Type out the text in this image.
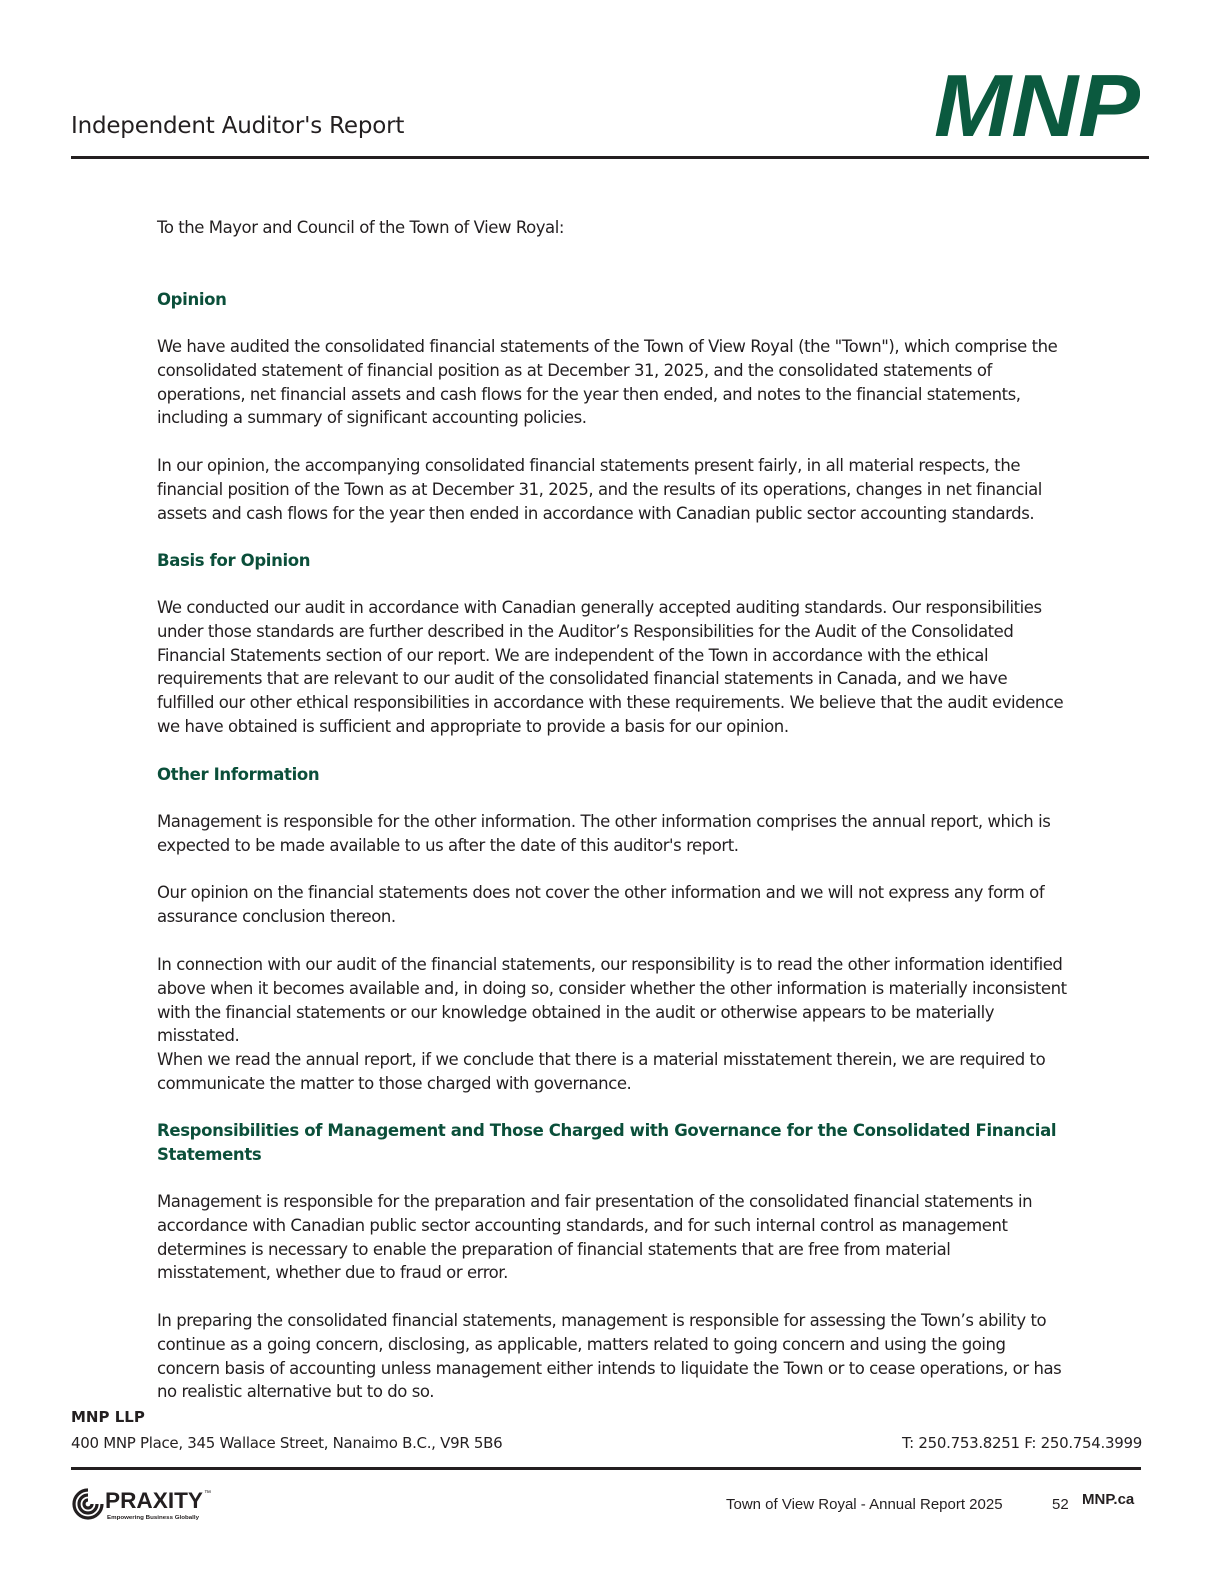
Independent Auditor's Report	MNP

To the Mayor and Council of the Town of View Royal:

Opinion

We have audited the consolidated financial statements of the Town of View Royal (the "Town"), which comprise the consolidated statement of financial position as at December 31, 2025, and the consolidated statements of operations, net financial assets and cash flows for the year then ended, and notes to the financial statements, including a summary of significant accounting policies.

In our opinion, the accompanying consolidated financial statements present fairly, in all material respects, the financial position of the Town as at December 31, 2025, and the results of its operations, changes in net financial assets and cash flows for the year then ended in accordance with Canadian public sector accounting standards.

Basis for Opinion

We conducted our audit in accordance with Canadian generally accepted auditing standards. Our responsibilities under those standards are further described in the Auditor’s Responsibilities for the Audit of the Consolidated Financial Statements section of our report. We are independent of the Town in accordance with the ethical requirements that are relevant to our audit of the consolidated financial statements in Canada, and we have fulfilled our other ethical responsibilities in accordance with these requirements. We believe that the audit evidence we have obtained is sufficient and appropriate to provide a basis for our opinion.

Other Information

Management is responsible for the other information. The other information comprises the annual report, which is expected to be made available to us after the date of this auditor's report.

Our opinion on the financial statements does not cover the other information and we will not express any form of assurance conclusion thereon.

In connection with our audit of the financial statements, our responsibility is to read the other information identified above when it becomes available and, in doing so, consider whether the other information is materially inconsistent with the financial statements or our knowledge obtained in the audit or otherwise appears to be materially misstated.

When we read the annual report, if we conclude that there is a material misstatement therein, we are required to communicate the matter to those charged with governance.

Responsibilities of Management and Those Charged with Governance for the Consolidated Financial Statements

Management is responsible for the preparation and fair presentation of the consolidated financial statements in accordance with Canadian public sector accounting standards, and for such internal control as management determines is necessary to enable the preparation of financial statements that are free from material misstatement, whether due to fraud or error.

In preparing the consolidated financial statements, management is responsible for assessing the Town’s ability to continue as a going concern, disclosing, as applicable, matters related to going concern and using the going concern basis of accounting unless management either intends to liquidate the Town or to cease operations, or has no realistic alternative but to do so.

MNP LLP
400 MNP Place, 345 Wallace Street, Nanaimo B.C., V9R 5B6	T: 250.753.8251 F: 250.754.3999
PRAXITY ™
Empowering Business Globally
Town of View Royal - Annual Report 2025	52 MNP.ca
